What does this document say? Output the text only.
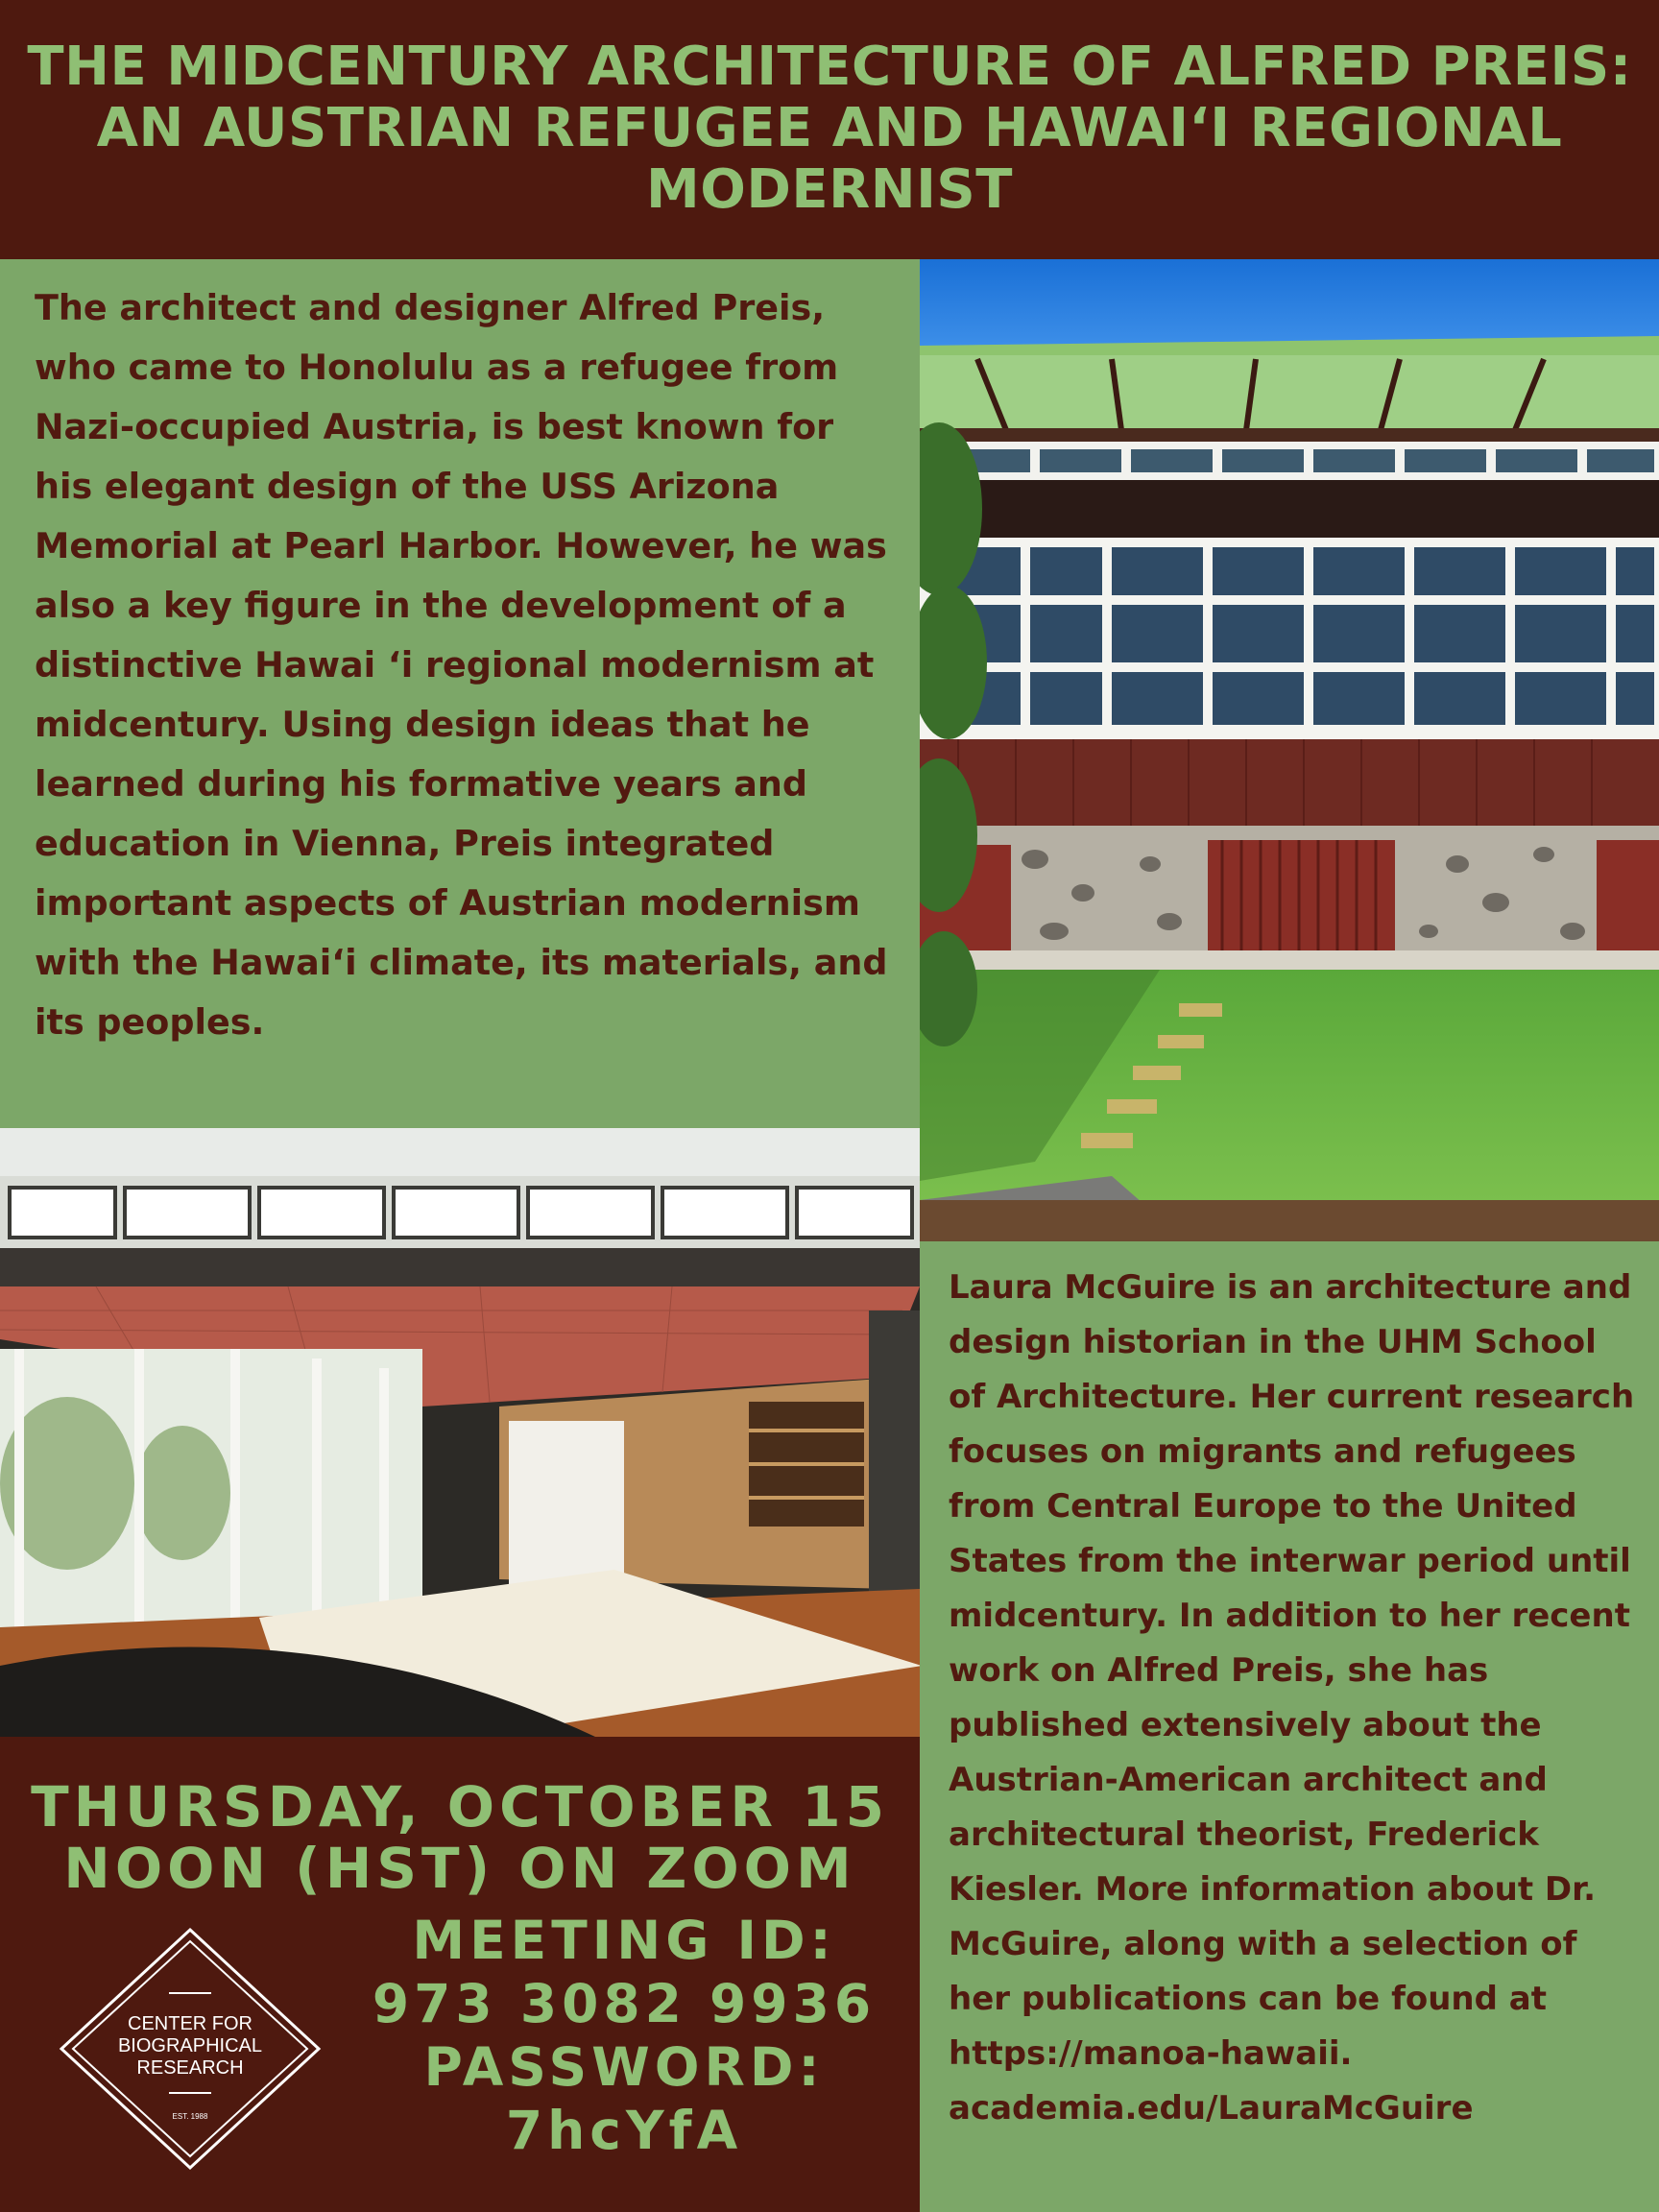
THE MIDCENTURY ARCHITECTURE OF ALFRED PREIS:
AN AUSTRIAN REFUGEE AND HAWAIʻI REGIONAL
MODERNIST

The architect and designer Alfred Preis, who came to Honolulu as a refugee from Nazi-occupied Austria, is best known for his elegant design of the USS Arizona Memorial at Pearl Harbor. However, he was also a key figure in the development of a distinctive Hawai ʻi regional modernism at midcentury. Using design ideas that he learned during his formative years and education in Vienna, Preis integrated important aspects of Austrian modernism with the Hawaiʻi climate, its materials, and its peoples.

Laura McGuire is an architecture and design historian in the UHM School of Architecture. Her current research focuses on migrants and refugees from Central Europe to the United States from the interwar period until midcentury. In addition to her recent work on Alfred Preis, she has published extensively about the Austrian-American architect and architectural theorist, Frederick Kiesler. More information about Dr. McGuire, along with a selection of her publications can be found at https://manoa-hawaii. academia.edu/LauraMcGuire

THURSDAY, OCTOBER 15

NOON (HST) ON ZOOM

MEETING ID:

973 3082 9936

PASSWORD:

7hcYfA

CENTER FOR

BIOGRAPHICAL

RESEARCH

EST. 1988
